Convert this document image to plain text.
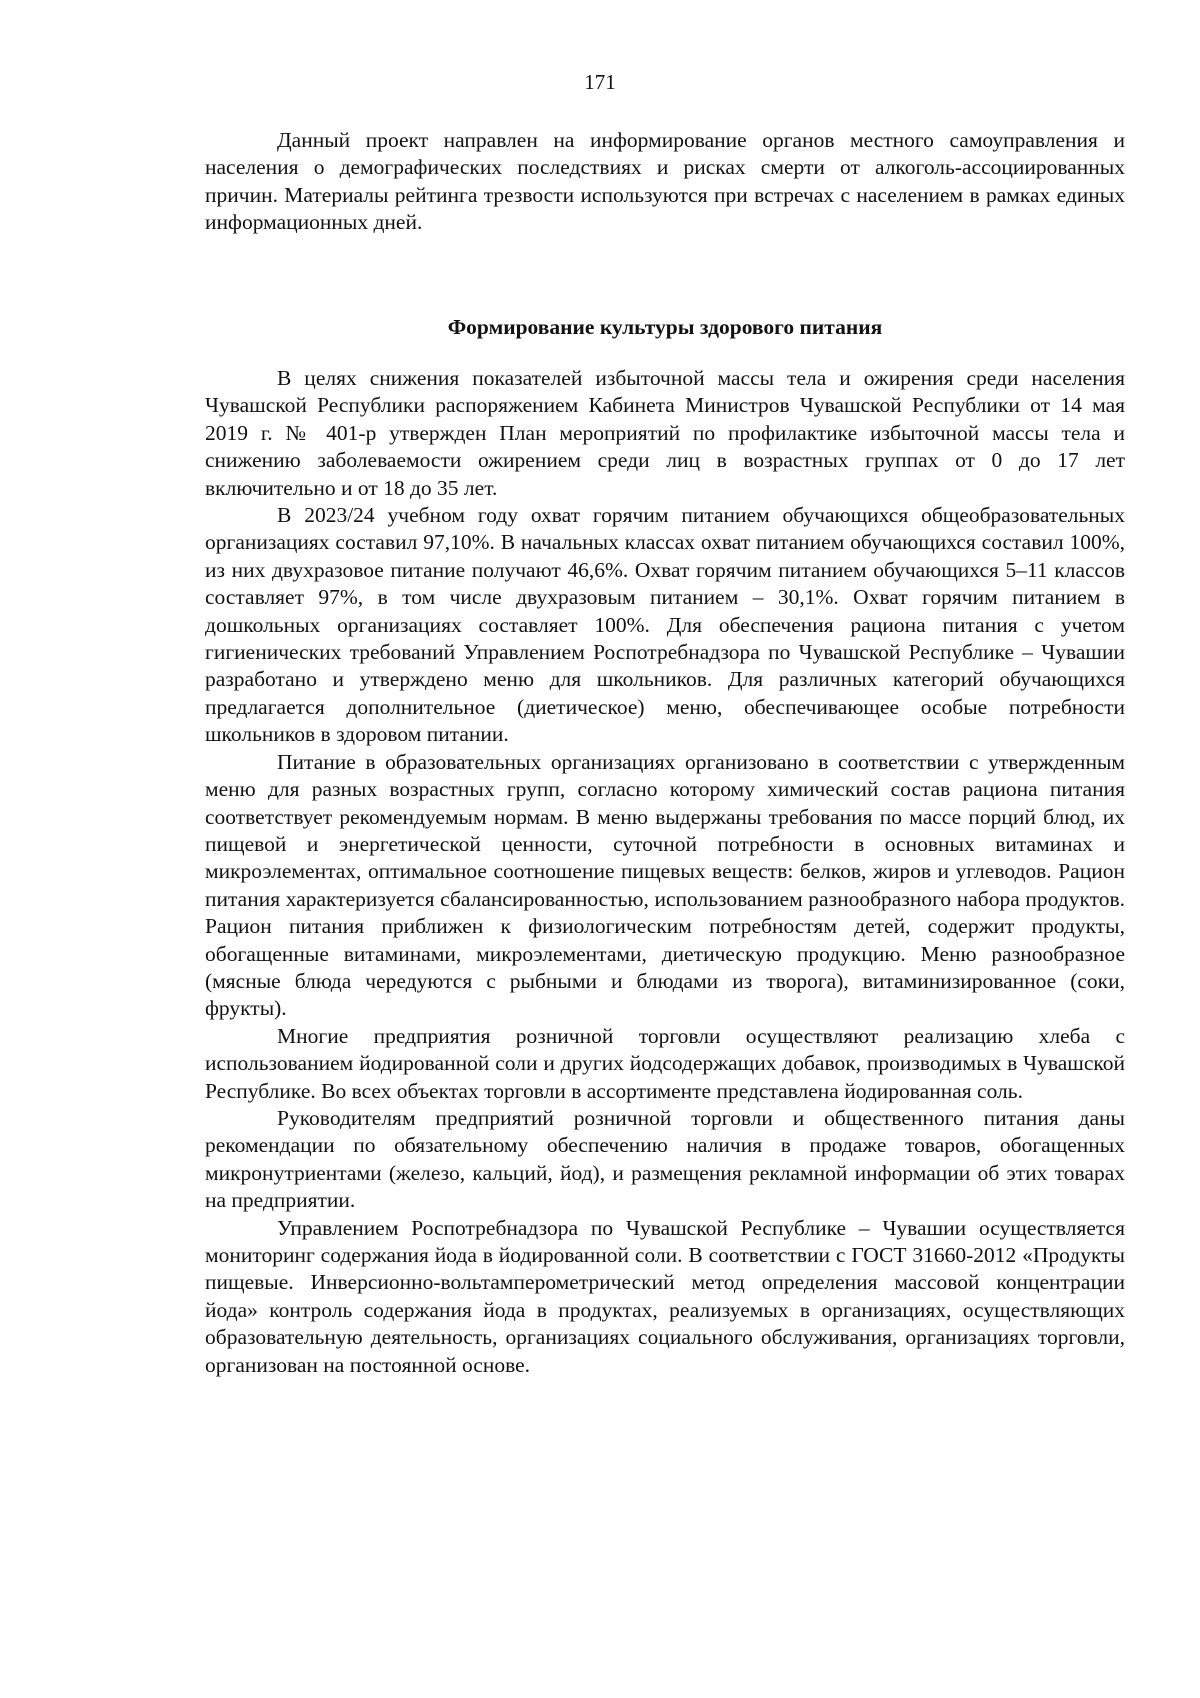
171

Данный проект направлен на информирование органов местного самоуправления и населения о демографических последствиях и рисках смерти от алкоголь-ассоциированных причин. Материалы рейтинга трезвости используются при встречах с населением в рамках единых информационных дней.

Формирование культуры здорового питания

В целях снижения показателей избыточной массы тела и ожирения среди населения Чувашской Республики распоряжением Кабинета Министров Чувашской Республики от 14 мая 2019 г. № 401-р утвержден План мероприятий по профилактике избыточной массы тела и снижению заболеваемости ожирением среди лиц в возрастных группах от 0 до 17 лет включительно и от 18 до 35 лет.

В 2023/24 учебном году охват горячим питанием обучающихся общеобразовательных организациях составил 97,10%. В начальных классах охват питанием обучающихся составил 100%, из них двухразовое питание получают 46,6%. Охват горячим питанием обучающихся 5–11 классов составляет 97%, в том числе двухразовым питанием – 30,1%. Охват горячим питанием в дошкольных организациях составляет 100%. Для обеспечения рациона питания с учетом гигиенических требований Управлением Роспотребнадзора по Чувашской Республике – Чувашии разработано и утверждено меню для школьников. Для различных категорий обучающихся предлагается дополнительное (диетическое) меню, обеспечивающее особые потребности школьников в здоровом питании.

Питание в образовательных организациях организовано в соответствии с утвержденным меню для разных возрастных групп, согласно которому химический состав рациона питания соответствует рекомендуемым нормам. В меню выдержаны требования по массе порций блюд, их пищевой и энергетической ценности, суточной потребности в основных витаминах и микроэлементах, оптимальное соотношение пищевых веществ: белков, жиров и углеводов. Рацион питания характеризуется сбалансированностью, использованием разнообразного набора продуктов. Рацион питания приближен к физиологическим потребностям детей, содержит продукты, обогащенные витаминами, микроэлементами, диетическую продукцию. Меню разнообразное (мясные блюда чередуются с рыбными и блюдами из творога), витаминизированное (соки, фрукты).

Многие предприятия розничной торговли осуществляют реализацию хлеба с использованием йодированной соли и других йодсодержащих добавок, производимых в Чувашской Республике. Во всех объектах торговли в ассортименте представлена йодированная соль.

Руководителям предприятий розничной торговли и общественного питания даны рекомендации по обязательному обеспечению наличия в продаже товаров, обогащенных микронутриентами (железо, кальций, йод), и размещения рекламной информации об этих товарах на предприятии.

Управлением Роспотребнадзора по Чувашской Республике – Чувашии осуществляется мониторинг содержания йода в йодированной соли. В соответствии с ГОСТ 31660-2012 «Продукты пищевые. Инверсионно-вольтамперометрический метод определения массовой концентрации йода» контроль содержания йода в продуктах, реализуемых в организациях, осуществляющих образовательную деятельность, организациях социального обслуживания, организациях торговли, организован на постоянной основе.
